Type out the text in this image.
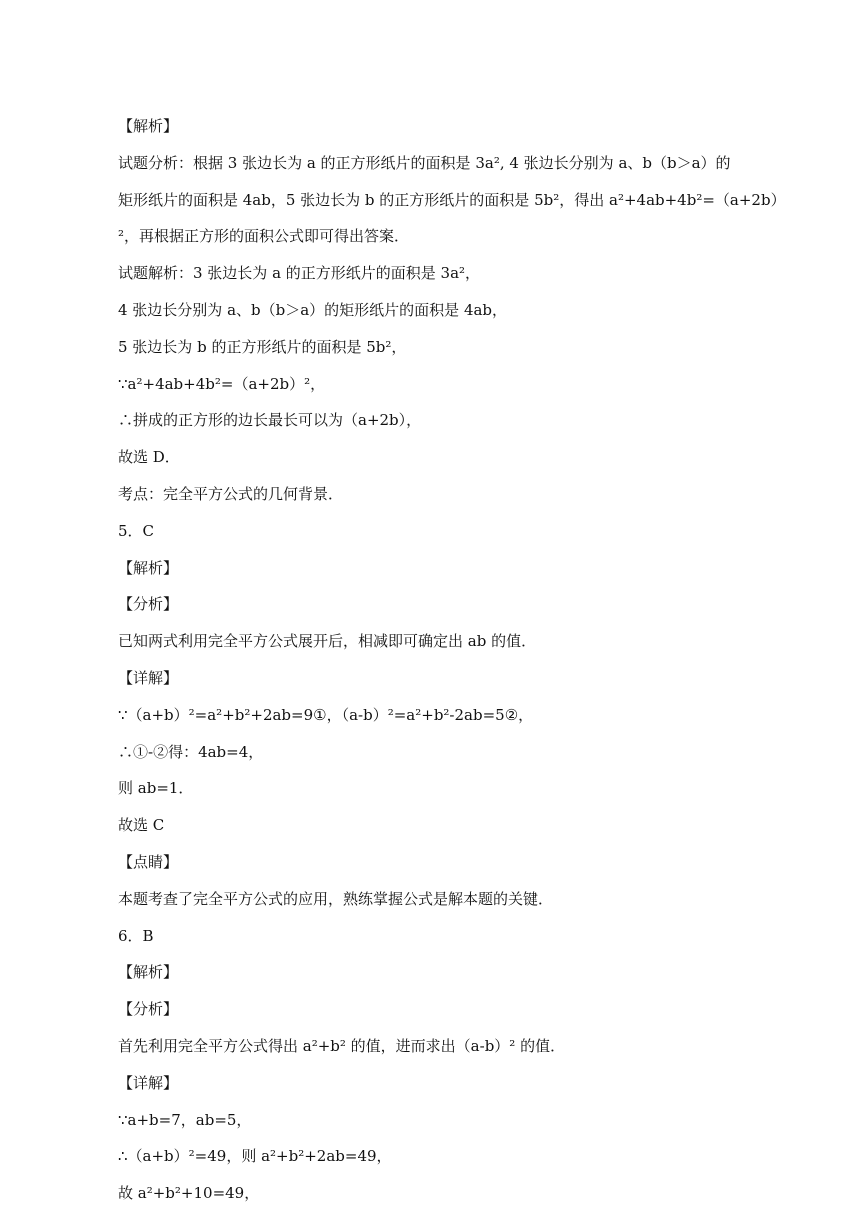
【解析】
试题分析：根据 3 张边长为 a 的正方形纸片的面积是 3a², 4 张边长分别为 a、b（b＞a）的
矩形纸片的面积是 4ab，5 张边长为 b 的正方形纸片的面积是 5b²，得出 a²+4ab+4b²=（a+2b）
²，再根据正方形的面积公式即可得出答案．
试题解析：3 张边长为 a 的正方形纸片的面积是 3a²，
4 张边长分别为 a、b（b＞a）的矩形纸片的面积是 4ab，
5 张边长为 b 的正方形纸片的面积是 5b²，
∵a²+4ab+4b²=（a+2b）²，
∴拼成的正方形的边长最长可以为（a+2b），
故选 D．
考点：完全平方公式的几何背景．
5．C
【解析】
【分析】
已知两式利用完全平方公式展开后，相减即可确定出 ab 的值．
【详解】
∵（a+b）²=a²+b²+2ab=9①，（a-b）²=a²+b²-2ab=5②，
∴①-②得：4ab=4，
则 ab=1．
故选 C
【点睛】
本题考查了完全平方公式的应用，熟练掌握公式是解本题的关键．
6．B
【解析】
【分析】
首先利用完全平方公式得出 a²+b² 的值，进而求出（a-b）² 的值．
【详解】
∵a+b=7，ab=5，
∴（a+b）²=49，则 a²+b²+2ab=49，
故 a²+b²+10=49，
